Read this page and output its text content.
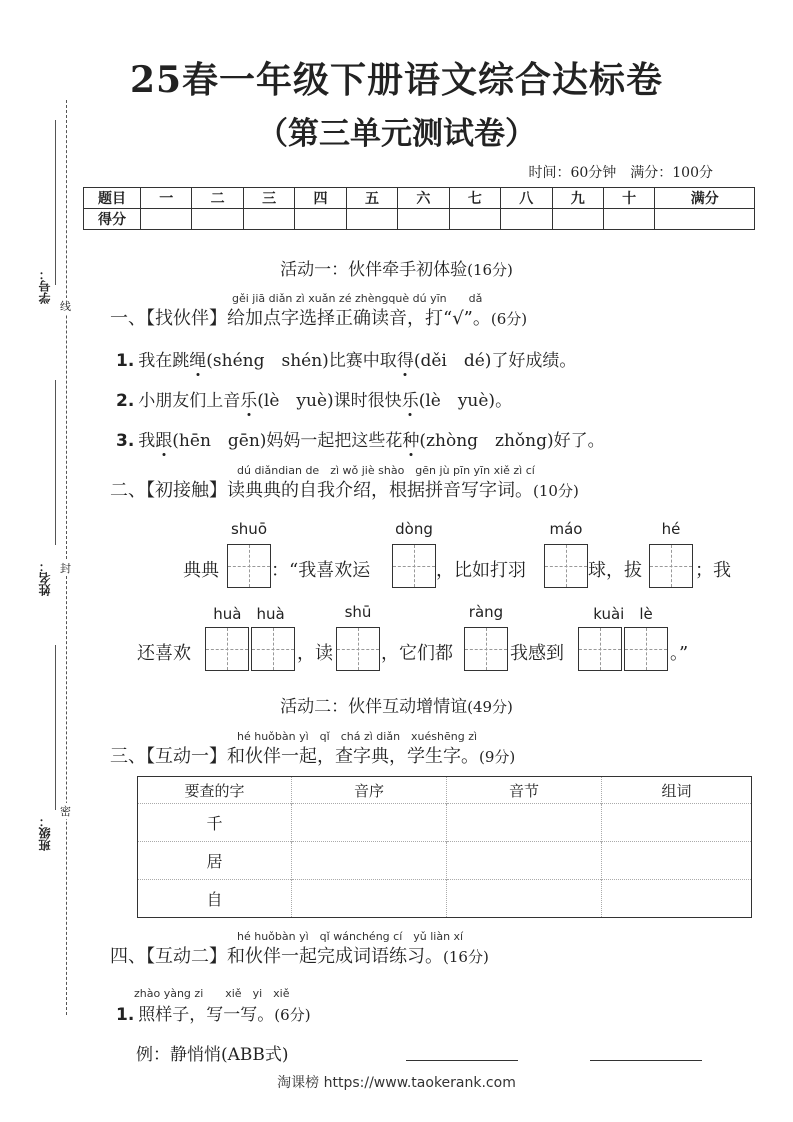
25春一年级下册语文综合达标卷
（第三单元测试卷）
时间：60分钟　满分：100分
题目	一	二	三	四	五	六	七	八	九	十	满分
得分											
学号：
姓名：
班级：
线
封
密
活动一：伙伴牵手初体验(16分)
gěi jiā diǎn zì xuǎn zé zhèngquè dú yīn　　dǎ
一、【找伙伴】给加点字选择正确读音，打“√”。(6分)
1. 我在跳绳(shéng　shén)比赛中取得(děi　dé)了好成绩。
2. 小朋友们上音乐(lè　yuè)课时很快乐(lè　yuè)。
3. 我跟(hēn　gēn)妈妈一起把这些花种(zhòng　zhǒng)好了。
dú diǎndian de　zì wǒ jiè shào　gēn jù pīn yīn xiě zì cí
二、【初接触】读典典的自我介绍，根据拼音写字词。(10分)
shuō	dòng	máo	hé
典典	：“我喜欢运	，比如打羽	球，拔	；我
huà　huà	shū	ràng	kuài　lè
还喜欢	，读	，它们都	我感到	。”
活动二：伙伴互动增情谊(49分)
hé huǒbàn yì　qǐ　chá zì diǎn　xuéshēng zì
三、【互动一】和伙伴一起，查字典，学生字。(9分)
要查的字	音序	音节	组词
千			
居			
自			
hé huǒbàn yì　qǐ wánchéng cí　yǔ liàn xí
四、【互动二】和伙伴一起完成词语练习。(16分)
zhào yàng zi　　xiě　yi　xiě
1. 照样子，写一写。(6分)
例：静悄悄(ABB式)
淘课榜 https://www.taokerank.com
